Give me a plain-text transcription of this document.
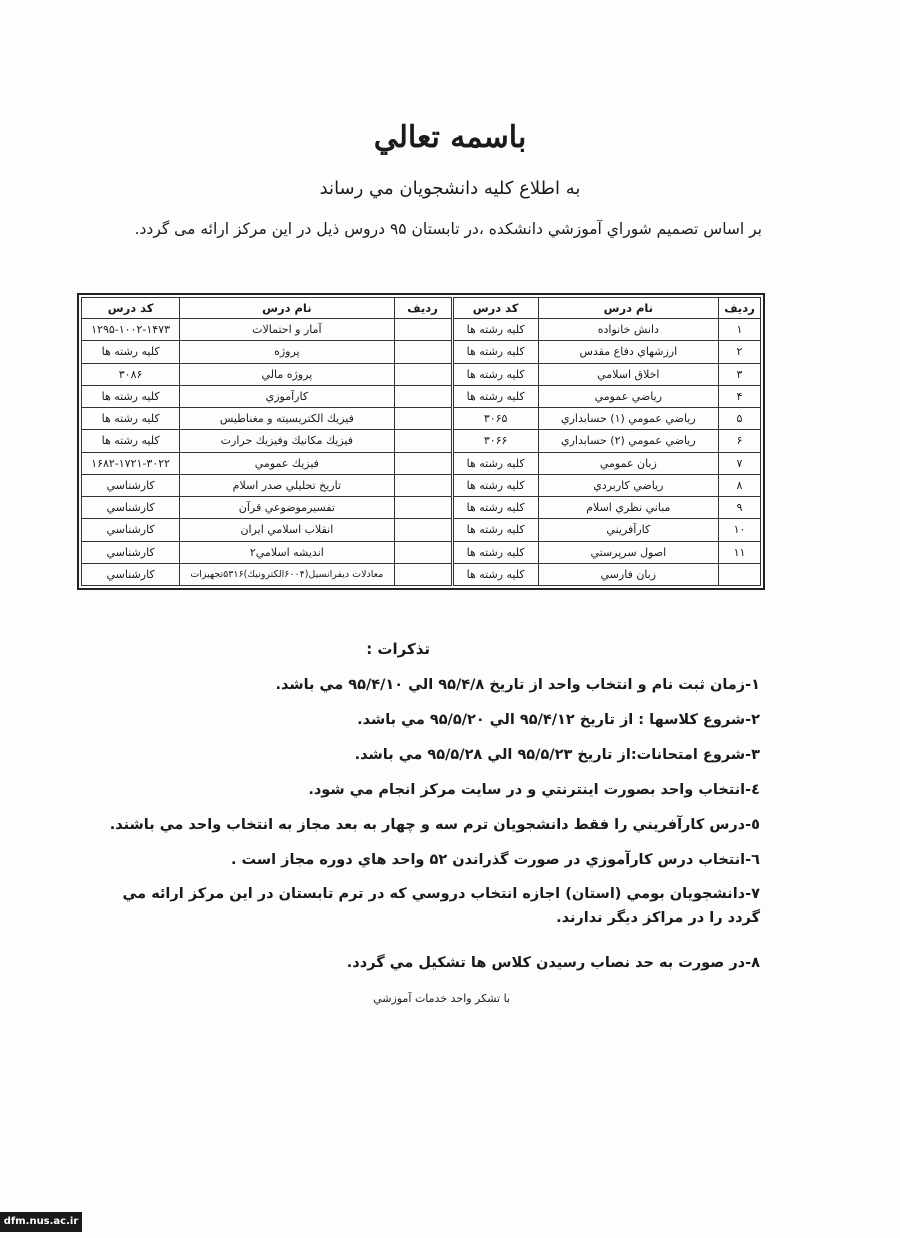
باسمه تعالي
به اطلاع كليه دانشجويان مي رساند
بر اساس تصميم شوراي آموزشي دانشكده ،در تابستان ۹۵ دروس ذيل در اين مركز ارائه می گردد.
رديف	نام درس	كد درس	رديف	نام درس	كد درس
۱	دانش خانواده	كليه رشته ها		آمار و احتمالات	۱۲۹۵-۱۰۰۲-۱۴۷۳
۲	ارزشهاي دفاع مقدس	كليه رشته ها		پروژه	كليه رشته ها
۳	اخلاق اسلامي	كليه رشته ها		پروژه مالي	۳۰۸۶
۴	رياضي عمومي	كليه رشته ها		كارآموزي	كليه رشته ها
۵	رياضي عمومي (۱) حسابداري	۳۰۶۵		فيزيك الكتريسيته و مغناطيس	كليه رشته ها
۶	رياضي عمومي (۲) حسابداري	۳۰۶۶		فيزيك مكانيك وفيزيك حرارت	كليه رشته ها
۷	زبان عمومي	كليه رشته ها		فيزيك عمومي	۱۶۸۲-۱۷۲۱-۳۰۲۲
۸	رياضي كاربردي	كليه رشته ها		تاريخ تحليلي صدر اسلام	كارشناسي
۹	مباني نظري اسلام	كليه رشته ها		تفسيرموضوعي قرآن	كارشناسي
۱۰	كارآفريني	كليه رشته ها		انقلاب اسلامي ايران	كارشناسي
۱۱	اصول سرپرستي	كليه رشته ها		انديشه اسلامي۲	كارشناسي
	زبان فارسي	كليه رشته ها		معادلات ديفرانسيل(۶۰۰۴الكترونيك)۵۳۱۶تجهيزات	كارشناسي
تذكرات :
۱-زمان ثبت نام و انتخاب واحد از تاريخ ۹۵/۴/۸ الي ۹۵/۴/۱۰ مي باشد.
۲-شروع كلاسها : از تاريخ ۹۵/۴/۱۲ الي ۹۵/۵/۲۰ مي باشد.
۳-شروع امتحانات:از تاريخ ۹۵/۵/۲۳ الي ۹۵/۵/۲۸ مي باشد.
٤-انتخاب واحد بصورت اينترنتي و در سايت مركز انجام مي شود.
٥-درس كارآفريني را فقط دانشجويان ترم سه و چهار به بعد مجاز به انتخاب واحد مي باشند.
٦-انتخاب درس كارآموزي در صورت گذراندن ۵۲ واحد هاي دوره مجاز است .
۷-دانشجويان بومي (استان) اجازه انتخاب دروسي كه در ترم تابستان در اين مركز ارائه مي گردد را در مراكز ديگر ندارند.
۸-در صورت به حد نصاب رسيدن كلاس ها تشكيل مي گردد.
با تشكر واحد خدمات آموزشي
dfm.nus.ac.ir
